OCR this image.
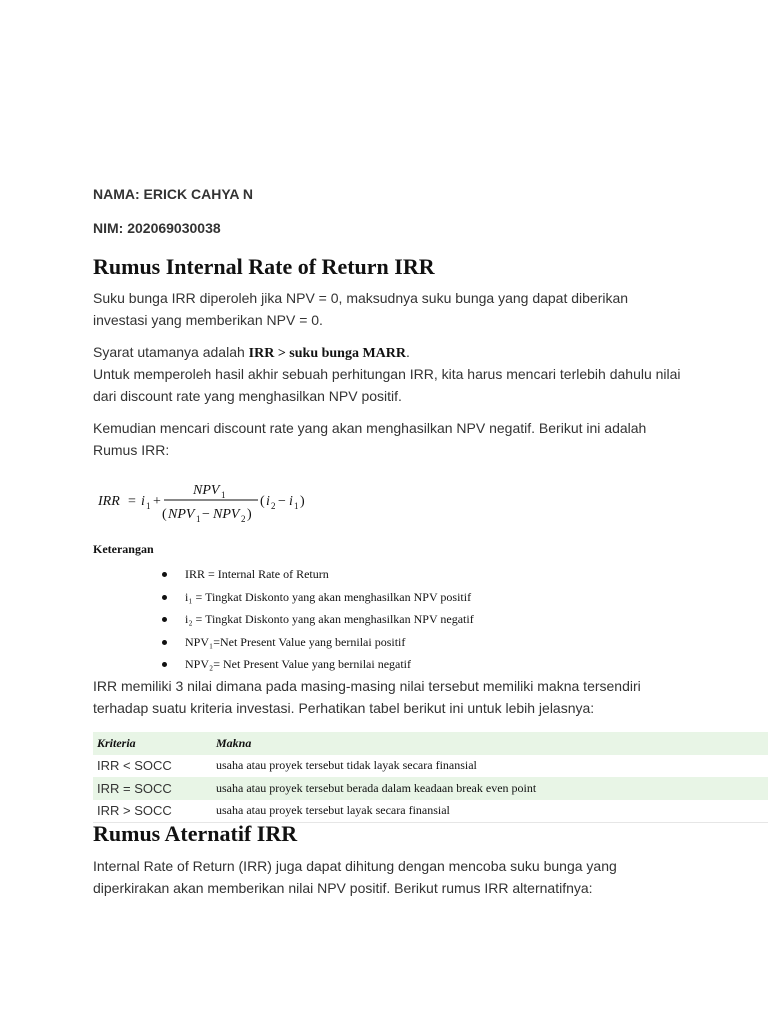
NAMA: ERICK CAHYA N
NIM: 202069030038
Rumus Internal Rate of Return IRR

Suku bunga IRR diperoleh jika NPV = 0, maksudnya suku bunga yang dapat diberikan investasi yang memberikan NPV = 0.

Syarat utamanya adalah IRR > suku bunga MARR.

Untuk memperoleh hasil akhir sebuah perhitungan IRR, kita harus mencari terlebih dahulu nilai dari discount rate yang menghasilkan NPV positif.

Kemudian mencari discount rate yang akan menghasilkan NPV negatif. Berikut ini adalah Rumus IRR:

IRR = i 1 +
NPV 1
( NPV 1 − NPV 2 )
( i 2 − i 1 )
Keterangan
IRR = Internal Rate of Return
i₁ = Tingkat Diskonto yang akan menghasilkan NPV positif
i₂ = Tingkat Diskonto yang akan menghasilkan NPV negatif
NPV₁=Net Present Value yang bernilai positif
NPV₂= Net Present Value yang bernilai negatif

IRR memiliki 3 nilai dimana pada masing-masing nilai tersebut memiliki makna tersendiri terhadap suatu kriteria investasi. Perhatikan tabel berikut ini untuk lebih jelasnya:

Kriteria	Makna
IRR < SOCC	usaha atau proyek tersebut tidak layak secara finansial
IRR = SOCC	usaha atau proyek tersebut berada dalam keadaan break even point
IRR > SOCC	usaha atau proyek tersebut layak secara finansial
Rumus Aternatif IRR

Internal Rate of Return (IRR) juga dapat dihitung dengan mencoba suku bunga yang diperkirakan akan memberikan nilai NPV positif. Berikut rumus IRR alternatifnya:
